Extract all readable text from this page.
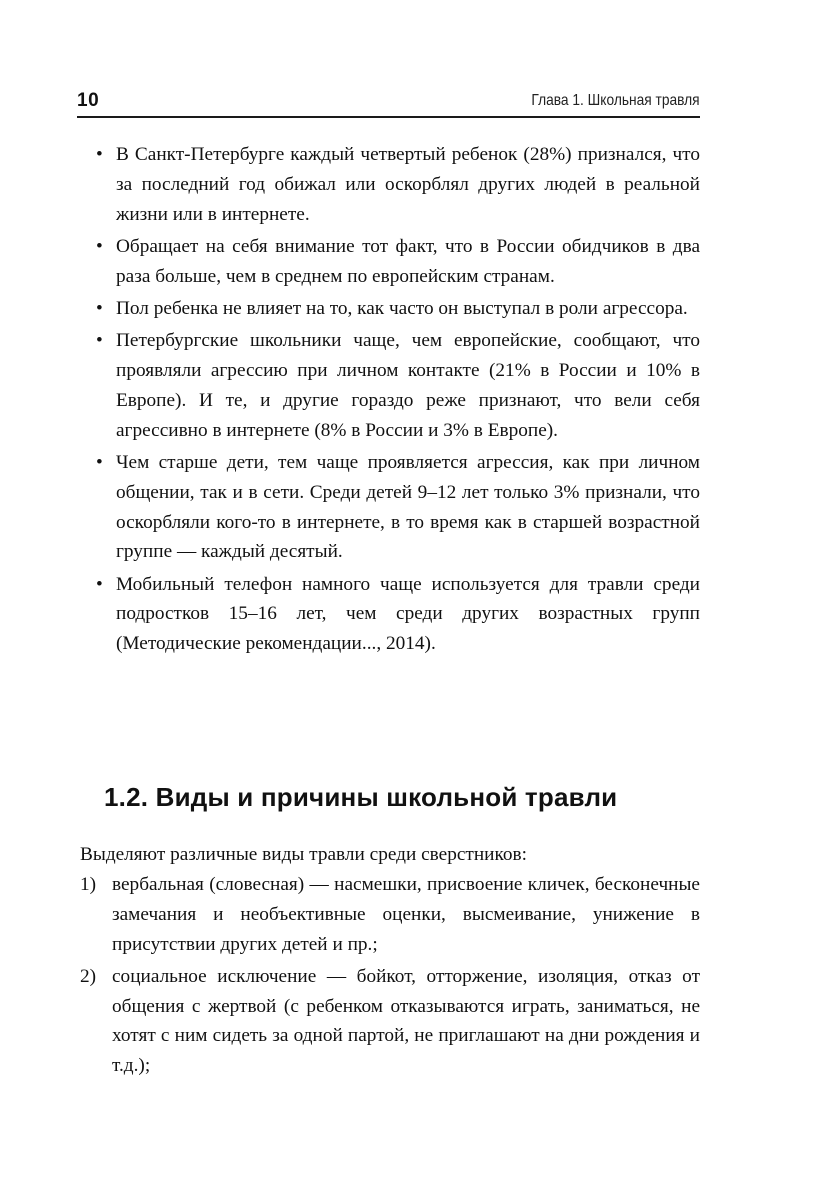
10	Глава 1. Школьная травля
• В Санкт-Петербурге каждый четвертый ребенок (28%) признался, что за последний год обижал или оскорблял других людей в реальной жизни или в интернете.
• Обращает на себя внимание тот факт, что в России обидчиков в два раза больше, чем в среднем по европейским странам.
• Пол ребенка не влияет на то, как часто он выступал в роли агрессора.
• Петербургские школьники чаще, чем европейские, сообщают, что проявляли агрессию при личном контакте (21% в России и 10% в Европе). И те, и другие гораздо реже признают, что вели себя агрессивно в интернете (8% в России и 3% в Европе).
• Чем старше дети, тем чаще проявляется агрессия, как при личном общении, так и в сети. Среди детей 9–12 лет только 3% признали, что оскорбляли кого-то в интернете, в то время как в старшей возрастной группе — каждый десятый.
• Мобильный телефон намного чаще используется для травли среди подростков 15–16 лет, чем среди других возрастных групп (Методические рекомендации..., 2014).
1.2. Виды и причины школьной травли

Выделяют различные виды травли среди сверстников:

1) вербальная (словесная) — насмешки, присвоение кличек, бесконечные замечания и необъективные оценки, высмеивание, унижение в присутствии других детей и пр.;
2) социальное исключение — бойкот, отторжение, изоляция, отказ от общения с жертвой (с ребенком отказываются играть, заниматься, не хотят с ним сидеть за одной партой, не приглашают на дни рождения и т.д.);
